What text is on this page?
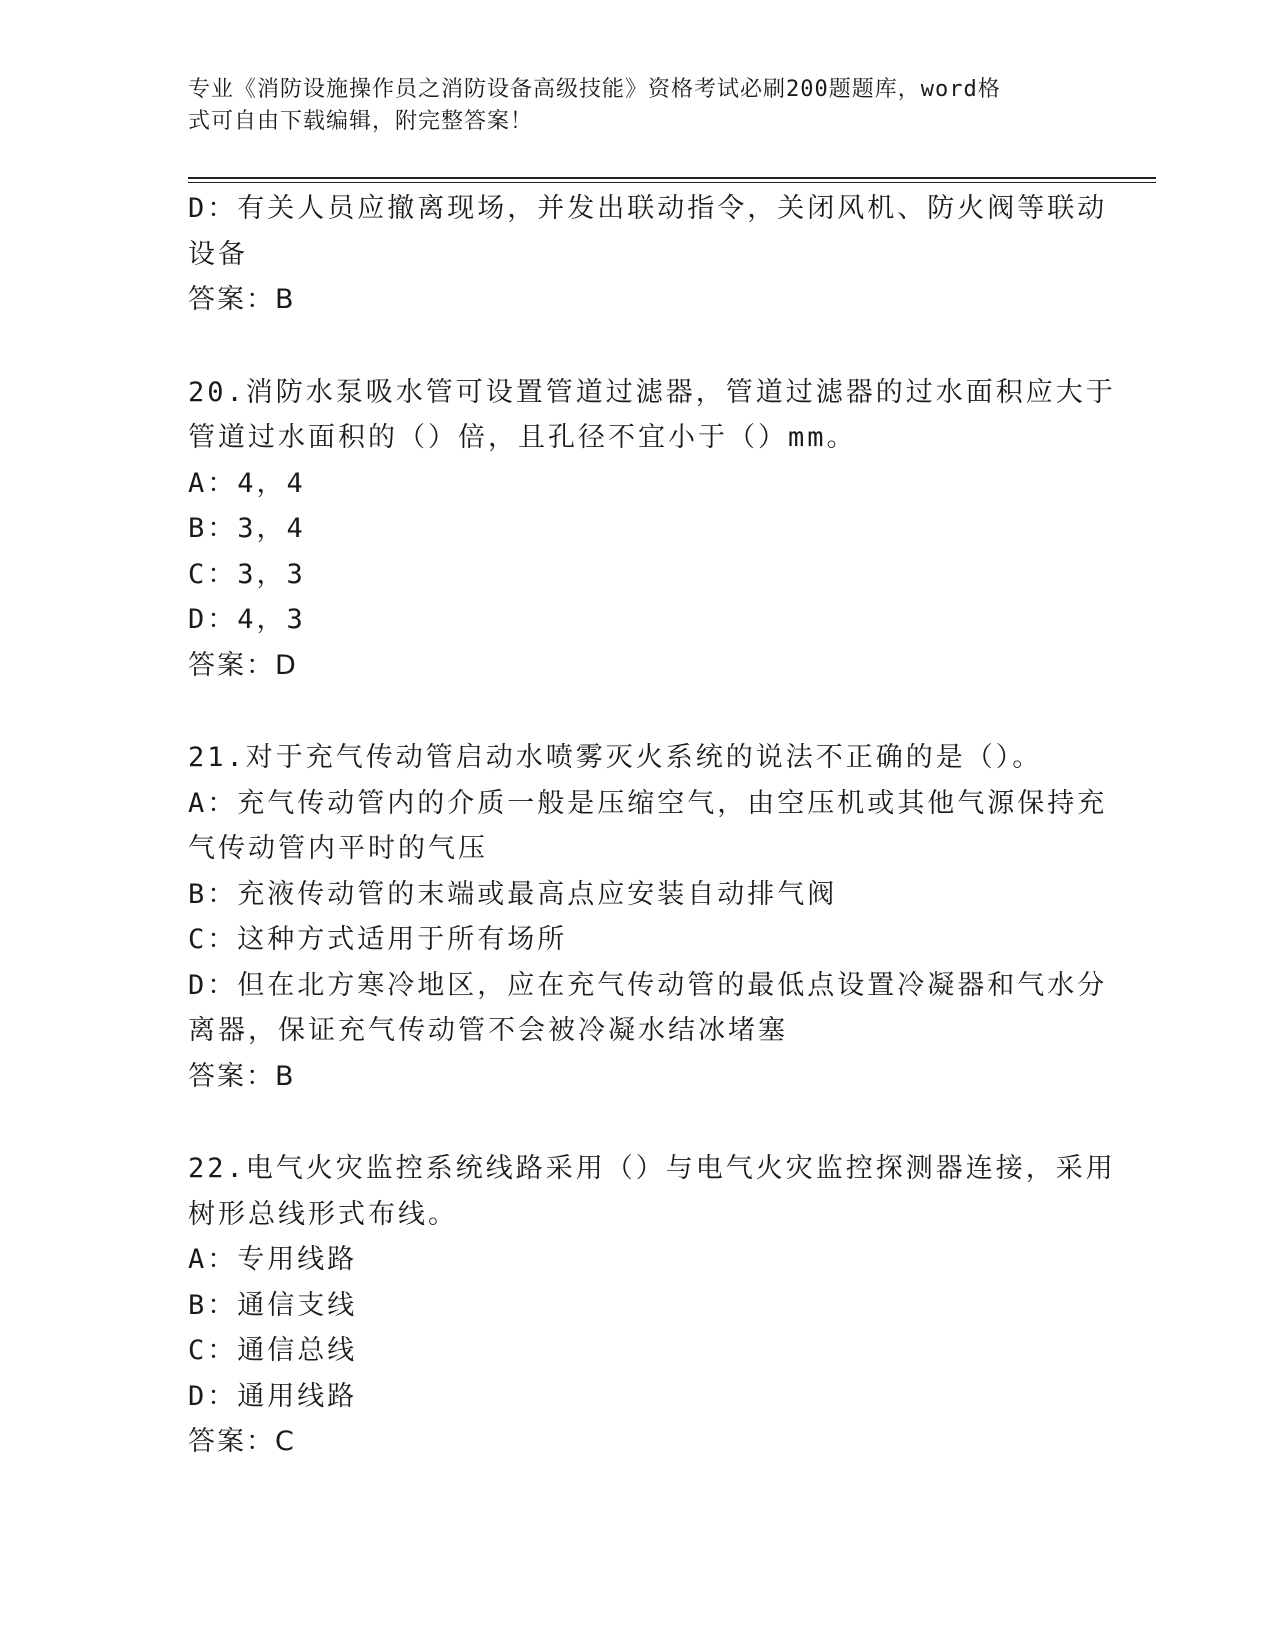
专业《消防设施操作员之消防设备高级技能》资格考试必刷200题题库，word格
式可自由下载编辑，附完整答案！
D：有关人员应撤离现场，并发出联动指令，关闭风机、防火阀等联动
设备
答案：B
20.消防水泵吸水管可设置管道过滤器，管道过滤器的过水面积应大于
管道过水面积的（）倍，且孔径不宜小于（）mm。
A：4，4
B：3，4
C：3，3
D：4，3
答案：D
21.对于充气传动管启动水喷雾灭火系统的说法不正确的是（）。
A：充气传动管内的介质一般是压缩空气，由空压机或其他气源保持充
气传动管内平时的气压
B：充液传动管的末端或最高点应安装自动排气阀
C：这种方式适用于所有场所
D：但在北方寒冷地区，应在充气传动管的最低点设置冷凝器和气水分
离器，保证充气传动管不会被冷凝水结冰堵塞
答案：B
22.电气火灾监控系统线路采用（）与电气火灾监控探测器连接，采用
树形总线形式布线。
A：专用线路
B：通信支线
C：通信总线
D：通用线路
答案：C
